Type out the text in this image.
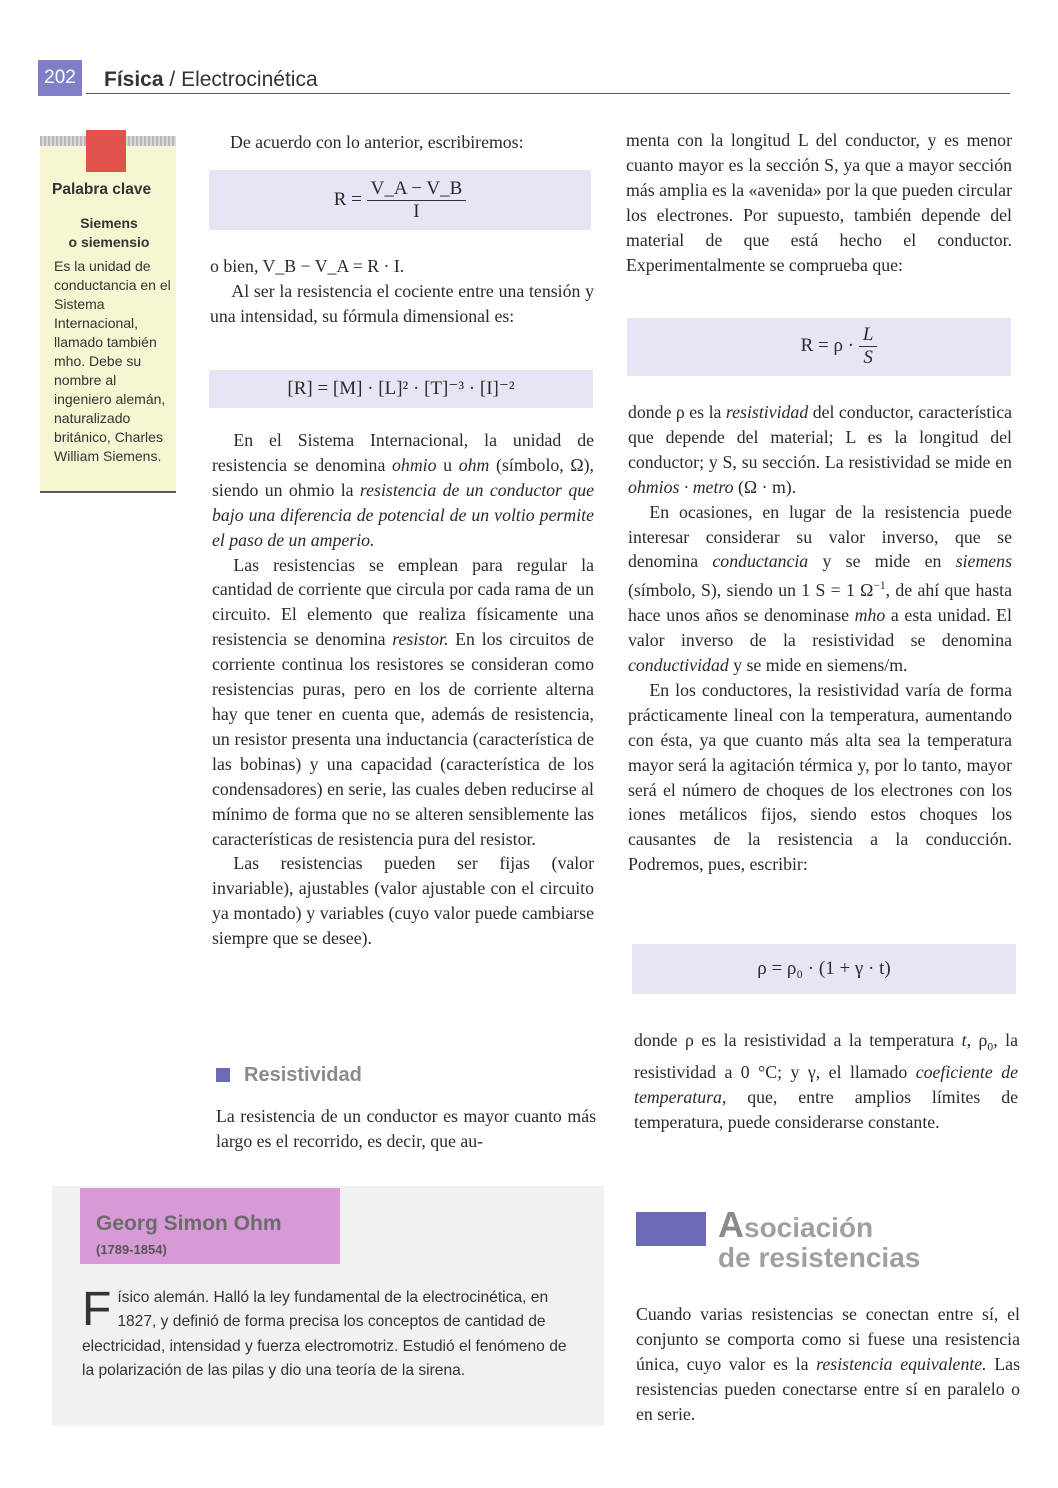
202 Física / Electrocinética
Palabra clave
Siemens
o siemensio
Es la unidad de conductancia en el Sistema Internacional, llamado también mho. Debe su nombre al ingeniero alemán, naturalizado británico, Charles William Siemens.

De acuerdo con lo anterior, escribiremos:

$R = \frac{V\_A - V\_B}{I}$

o bien, V_B − V_A = R · I.

Al ser la resistencia el cociente entre una tensión y una intensidad, su fórmula dimensional es:

[R] = [M] · [L]² · [T]⁻³ · [I]⁻²

En el Sistema Internacional, la unidad de resistencia se denomina ohmio u ohm (símbolo, Ω), siendo un ohmio la resistencia de un conductor que bajo una diferencia de potencial de un voltio permite el paso de un amperio.

Las resistencias se emplean para regular la cantidad de corriente que circula por cada rama de un circuito. El elemento que realiza físicamente una resistencia se denomina resistor. En los circuitos de corriente continua los resistores se consideran como resistencias puras, pero en los de corriente alterna hay que tener en cuenta que, además de resistencia, un resistor presenta una inductancia (característica de las bobinas) y una capacidad (característica de los condensadores) en serie, las cuales deben reducirse al mínimo de forma que no se alteren sensiblemente las características de resistencia pura del resistor.

Las resistencias pueden ser fijas (valor invariable), ajustables (valor ajustable con el circuito ya montado) y variables (cuyo valor puede cambiarse siempre que se desee).

Resistividad

La resistencia de un conductor es mayor cuanto más largo es el recorrido, es decir, que au-

menta con la longitud L del conductor, y es menor cuanto mayor es la sección S, ya que a mayor sección más amplia es la «avenida» por la que pueden circular los electrones. Por supuesto, también depende del material de que está hecho el conductor. Experimentalmente se comprueba que:

$R = \rho \cdot \frac{L}{S}$

donde ρ es la resistividad del conductor, característica que depende del material; L es la longitud del conductor; y S, su sección. La resistividad se mide en ohmios · metro (Ω · m).

En ocasiones, en lugar de la resistencia puede interesar considerar su valor inverso, que se denomina conductancia y se mide en siemens (símbolo, S), siendo un 1 S = 1 $\Omega^{-1}$, de ahí que hasta hace unos años se denominase mho a esta unidad. El valor inverso de la resistividad se denomina conductividad y se mide en siemens/m.

En los conductores, la resistividad varía de forma prácticamente lineal con la temperatura, aumentando con ésta, ya que cuanto más alta sea la temperatura mayor será la agitación térmica y, por lo tanto, mayor será el número de choques de los electrones con los iones metálicos fijos, siendo estos choques los causantes de la resistencia a la conducción. Podremos, pues, escribir:

ρ = ρ₀ · (1 + γ · t)

donde ρ es la resistividad a la temperatura t, $\rho_0$, la resistividad a 0 °C; y γ, el llamado coeficiente de temperatura, que, entre amplios límites de temperatura, puede considerarse constante.

Asociación
de resistencias

Cuando varias resistencias se conectan entre sí, el conjunto se comporta como si fuese una resistencia única, cuyo valor es la resistencia equivalente. Las resistencias pueden conectarse entre sí en paralelo o en serie.

Georg Simon Ohm
(1789-1854)
Físico alemán. Halló la ley fundamental de la electrocinética, en 1827, y definió de forma precisa los conceptos de cantidad de electricidad, intensidad y fuerza electromotriz. Estudió el fenómeno de la polarización de las pilas y dio una teoría de la sirena.
